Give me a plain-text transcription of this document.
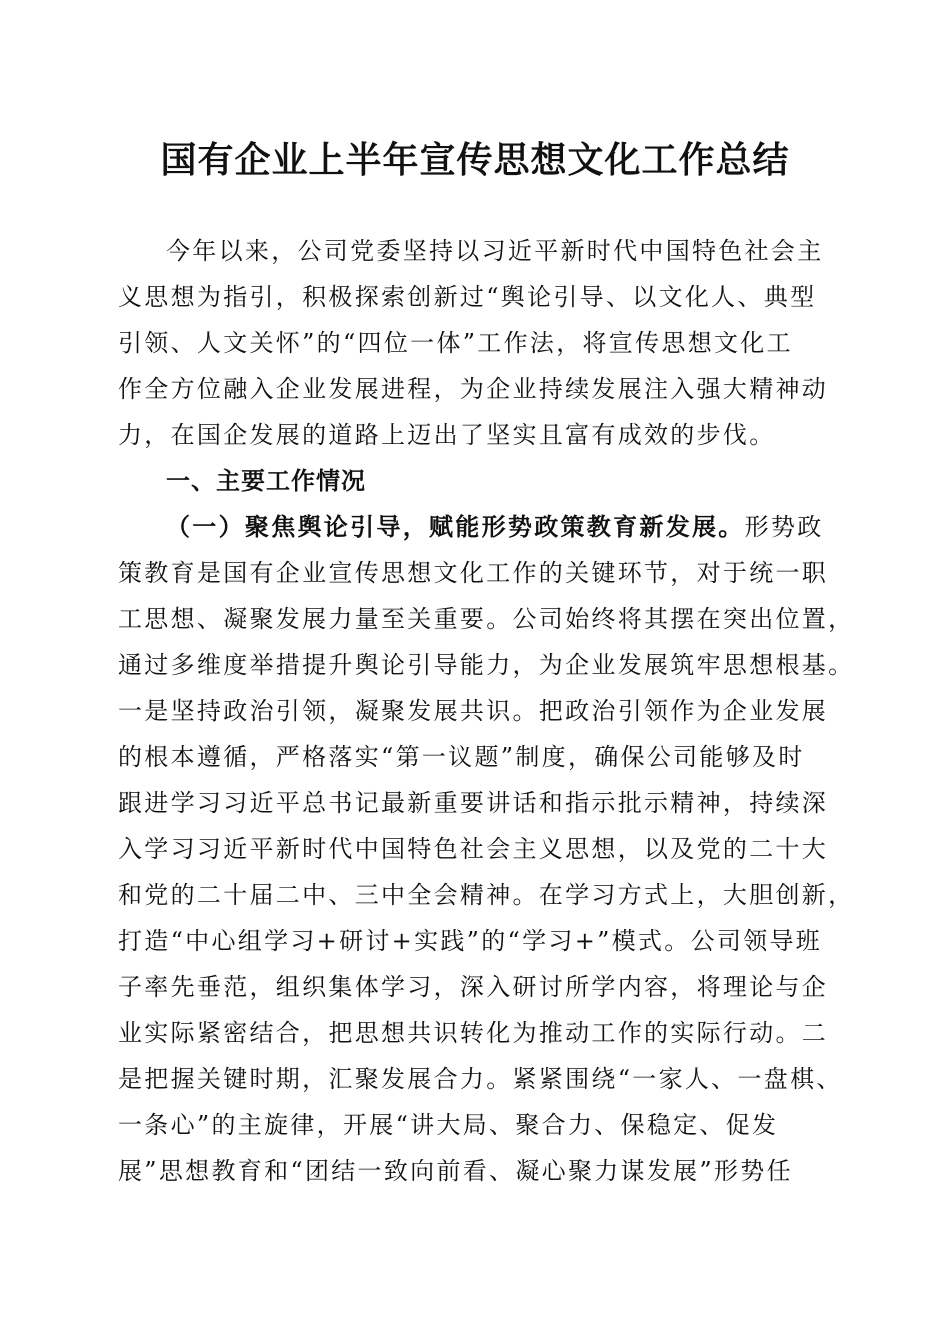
国有企业上半年宣传思想文化工作总结
今年以来，公司党委坚持以习近平新时代中国特色社会主
义思想为指引，积极探索创新过“舆论引导、以文化人、典型
引领、人文关怀”的“四位一体”工作法，将宣传思想文化工
作全方位融入企业发展进程，为企业持续发展注入强大精神动
力，在国企发展的道路上迈出了坚实且富有成效的步伐。
一、主要工作情况
（一）聚焦舆论引导，赋能形势政策教育新发展。形势政
策教育是国有企业宣传思想文化工作的关键环节，对于统一职
工思想、凝聚发展力量至关重要。公司始终将其摆在突出位置，
通过多维度举措提升舆论引导能力，为企业发展筑牢思想根基。
一是坚持政治引领，凝聚发展共识。把政治引领作为企业发展
的根本遵循，严格落实“第一议题”制度，确保公司能够及时
跟进学习习近平总书记最新重要讲话和指示批示精神，持续深
入学习习近平新时代中国特色社会主义思想，以及党的二十大
和党的二十届二中、三中全会精神。在学习方式上，大胆创新，
打造“中心组学习+研讨+实践”的“学习+”模式。公司领导班
子率先垂范，组织集体学习，深入研讨所学内容，将理论与企
业实际紧密结合，把思想共识转化为推动工作的实际行动。二
是把握关键时期，汇聚发展合力。紧紧围绕“一家人、一盘棋、
一条心”的主旋律，开展“讲大局、聚合力、保稳定、促发
展”思想教育和“团结一致向前看、凝心聚力谋发展”形势任
